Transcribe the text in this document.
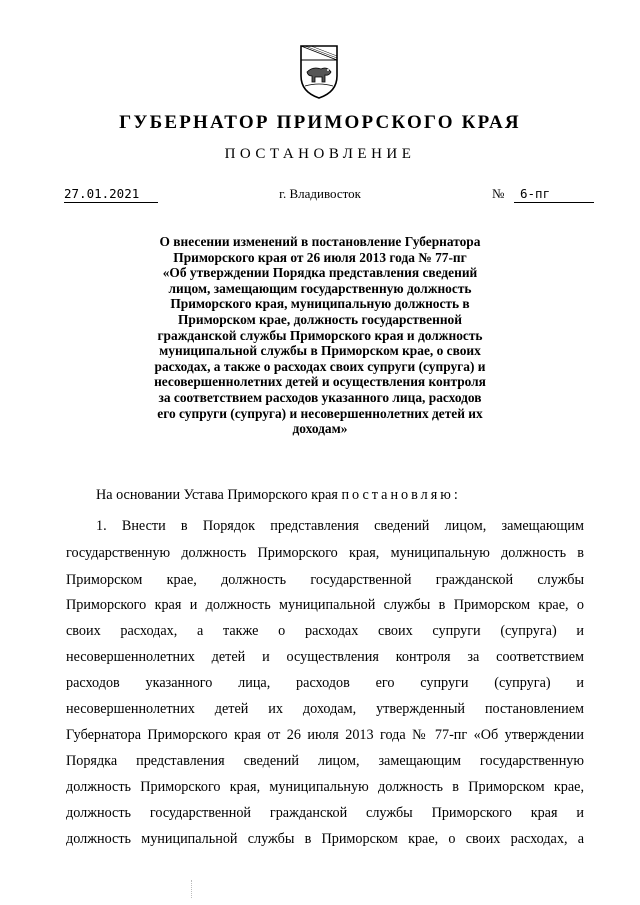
ГУБЕРНАТОР ПРИМОРСКОГО КРАЯ
ПОСТАНОВЛЕНИЕ
27.01.2021	г. Владивосток	№	6-пг
О внесении изменений в постановление Губернатора
Приморского края от 26 июля 2013 года № 77-пг
«Об утверждении Порядка представления сведений
лицом, замещающим государственную должность
Приморского края, муниципальную должность в
Приморском крае, должность государственной
гражданской службы Приморского края и должность
муниципальной службы в Приморском крае, о своих
расходах, а также о расходах своих супруги (супруга) и
несовершеннолетних детей и осуществления контроля
за соответствием расходов указанного лица, расходов
его супруги (супруга) и несовершеннолетних детей их
доходам»
На основании Устава Приморского края постановляю:
1. Внести в Порядок представления сведений лицом, замещающим
государственную должность Приморского края, муниципальную должность в
Приморском крае, должность государственной гражданской службы
Приморского края и должность муниципальной службы в Приморском крае, о
своих расходах, а также о расходах своих супруги (супруга) и
несовершеннолетних детей и осуществления контроля за соответствием
расходов указанного лица, расходов его супруги (супруга) и
несовершеннолетних детей их доходам, утвержденный постановлением
Губернатора Приморского края от 26 июля 2013 года № 77-пг «Об утверждении
Порядка представления сведений лицом, замещающим государственную
должность Приморского края, муниципальную должность в Приморском крае,
должность государственной гражданской службы Приморского края и
должность муниципальной службы в Приморском крае, о своих расходах, а
